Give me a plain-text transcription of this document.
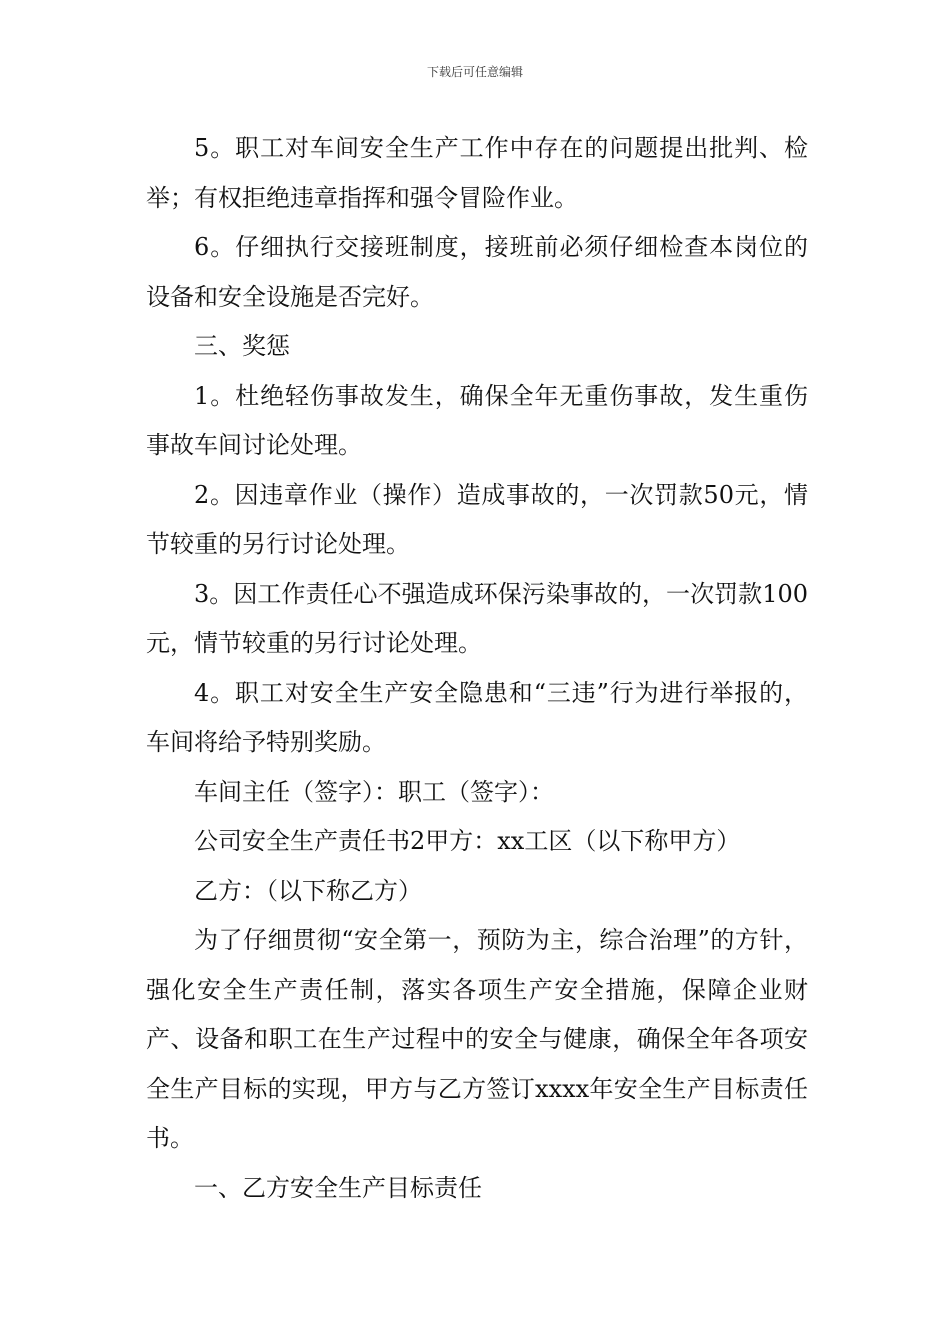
下载后可任意编辑

5。职工对车间安全生产工作中存在的问题提出批判、检举；有权拒绝违章指挥和强令冒险作业。

6。仔细执行交接班制度，接班前必须仔细检查本岗位的设备和安全设施是否完好。

三、奖惩

1。杜绝轻伤事故发生，确保全年无重伤事故，发生重伤事故车间讨论处理。

2。因违章作业（操作）造成事故的，一次罚款50元，情节较重的另行讨论处理。

3。因工作责任心不强造成环保污染事故的，一次罚款100元，情节较重的另行讨论处理。

4。职工对安全生产安全隐患和“三违”行为进行举报的，车间将给予特别奖励。

车间主任（签字）：职工（签字）：

公司安全生产责任书2甲方：xx工区（以下称甲方）

乙方：（以下称乙方）

为了仔细贯彻“安全第一，预防为主，综合治理”的方针，强化安全生产责任制，落实各项生产安全措施，保障企业财产、设备和职工在生产过程中的安全与健康，确保全年各项安全生产目标的实现，甲方与乙方签订xxxx年安全生产目标责任书。

一、乙方安全生产目标责任
